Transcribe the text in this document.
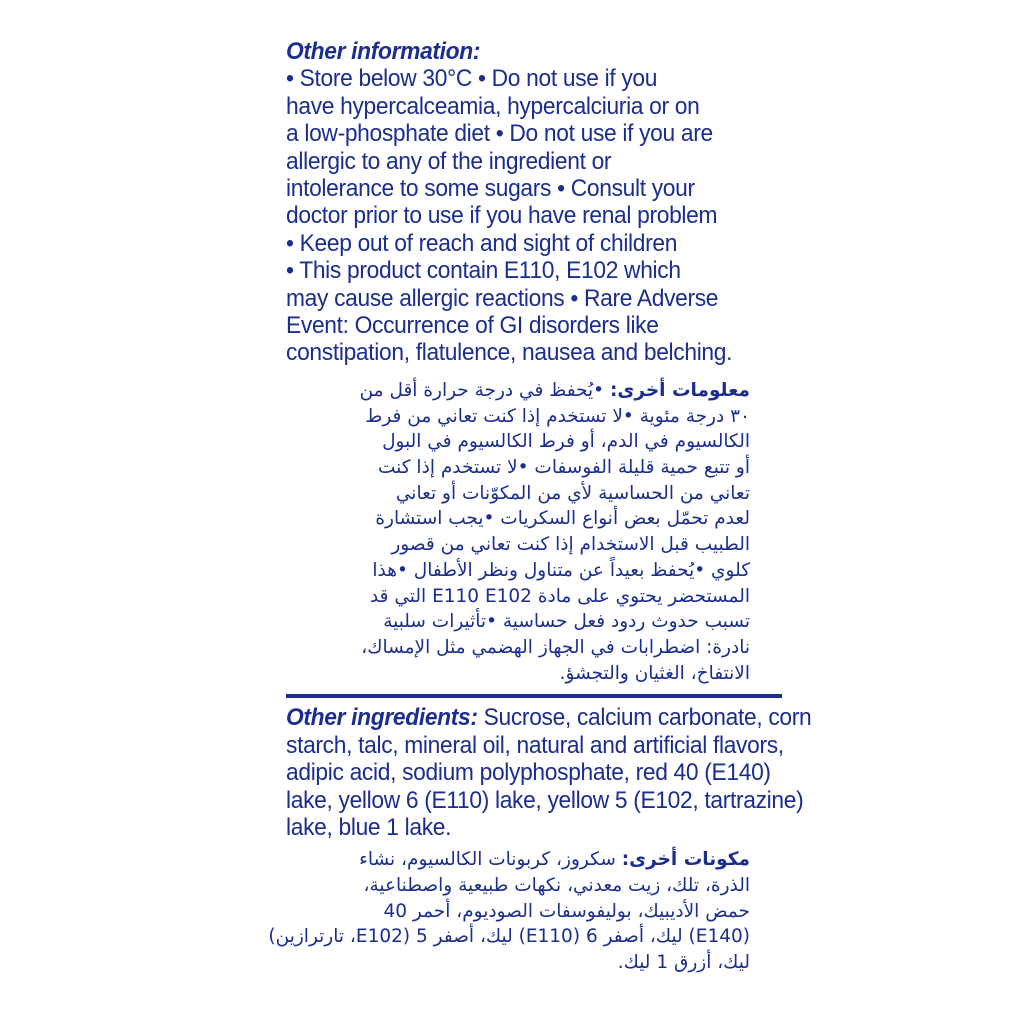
Other information:
• Store below 30°C • Do not use if you
have hypercalceamia, hypercalciuria or on
a low-phosphate diet • Do not use if you are
allergic to any of the ingredient or
intolerance to some sugars • Consult your
doctor prior to use if you have renal problem
• Keep out of reach and sight of children
• This product contain E110, E102 which
may cause allergic reactions • Rare Adverse
Event: Occurrence of GI disorders like
constipation, flatulence, nausea and belching.
معلومات أخرى: •يُحفظ في درجة حرارة أقل من
٣٠ درجة مئوية •لا تستخدم إذا كنت تعاني من فرط
الكالسيوم في الدم، أو فرط الكالسيوم في البول
أو تتبع حمية قليلة الفوسفات •لا تستخدم إذا كنت
تعاني من الحساسية لأي من المكوّنات أو تعاني
لعدم تحمّل بعض أنواع السكريات •يجب استشارة
الطبيب قبل الاستخدام إذا كنت تعاني من قصور
كلوي •يُحفظ بعيداً عن متناول ونظر الأطفال •هذا
المستحضر يحتوي على مادة E110 E102 التي قد
تسبب حدوث ردود فعل حساسية •تأثيرات سلبية
نادرة: اضطرابات في الجهاز الهضمي مثل الإمساك،
الانتفاخ، الغثيان والتجشؤ.
Other ingredients: Sucrose, calcium carbonate, corn
starch, talc, mineral oil, natural and artificial flavors,
adipic acid, sodium polyphosphate, red 40 (E140)
lake, yellow 6 (E110) lake, yellow 5 (E102, tartrazine)
lake, blue 1 lake.
مكونات أخرى: سكروز، كربونات الكالسيوم، نشاء
الذرة، تلك، زيت معدني، نكهات طبيعية واصطناعية،
حمض الأديبيك، بوليفوسفات الصوديوم، أحمر 40
(E140) ليك، أصفر 6 (E110) ليك، أصفر 5 (E102، تارترازين)
ليك، أزرق 1 ليك.
